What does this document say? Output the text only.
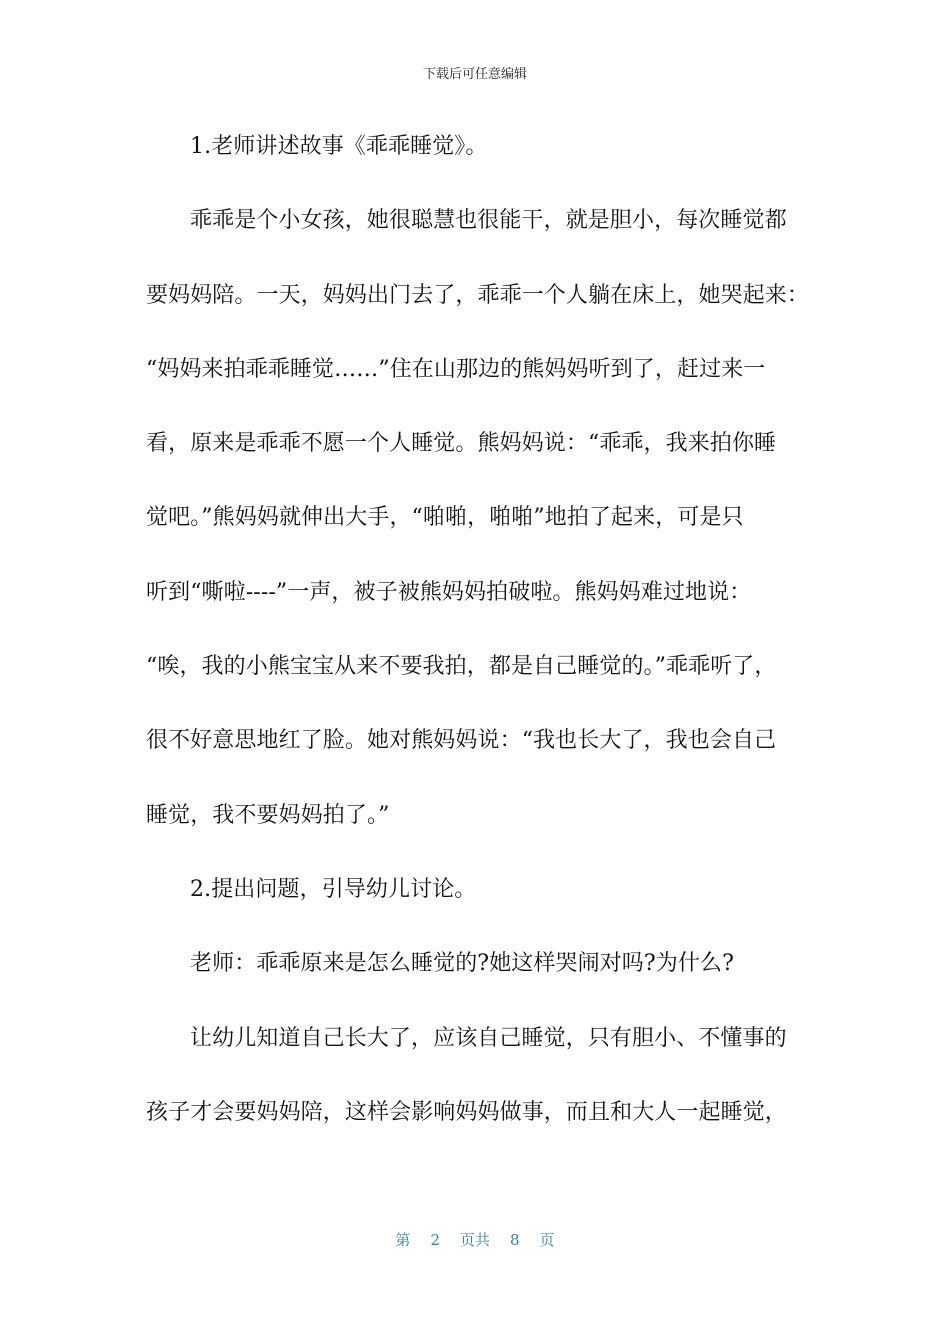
下载后可任意编辑

1.老师讲述故事《乖乖睡觉》。

乖乖是个小女孩，她很聪慧也很能干，就是胆小，每次睡觉都
要妈妈陪。一天，妈妈出门去了，乖乖一个人躺在床上，她哭起来：
“妈妈来拍乖乖睡觉……”住在山那边的熊妈妈听到了，赶过来一
看，原来是乖乖不愿一个人睡觉。熊妈妈说：“乖乖，我来拍你睡
觉吧。”熊妈妈就伸出大手，“啪啪，啪啪”地拍了起来，可是只
听到“嘶啦----”一声，被子被熊妈妈拍破啦。熊妈妈难过地说：
“唉，我的小熊宝宝从来不要我拍，都是自己睡觉的。”乖乖听了，
很不好意思地红了脸。她对熊妈妈说：“我也长大了，我也会自己
睡觉，我不要妈妈拍了。”

2.提出问题，引导幼儿讨论。

老师：乖乖原来是怎么睡觉的?她这样哭闹对吗?为什么?

让幼儿知道自己长大了，应该自己睡觉，只有胆小、不懂事的
孩子才会要妈妈陪，这样会影响妈妈做事，而且和大人一起睡觉，

第 2 页共 8 页
